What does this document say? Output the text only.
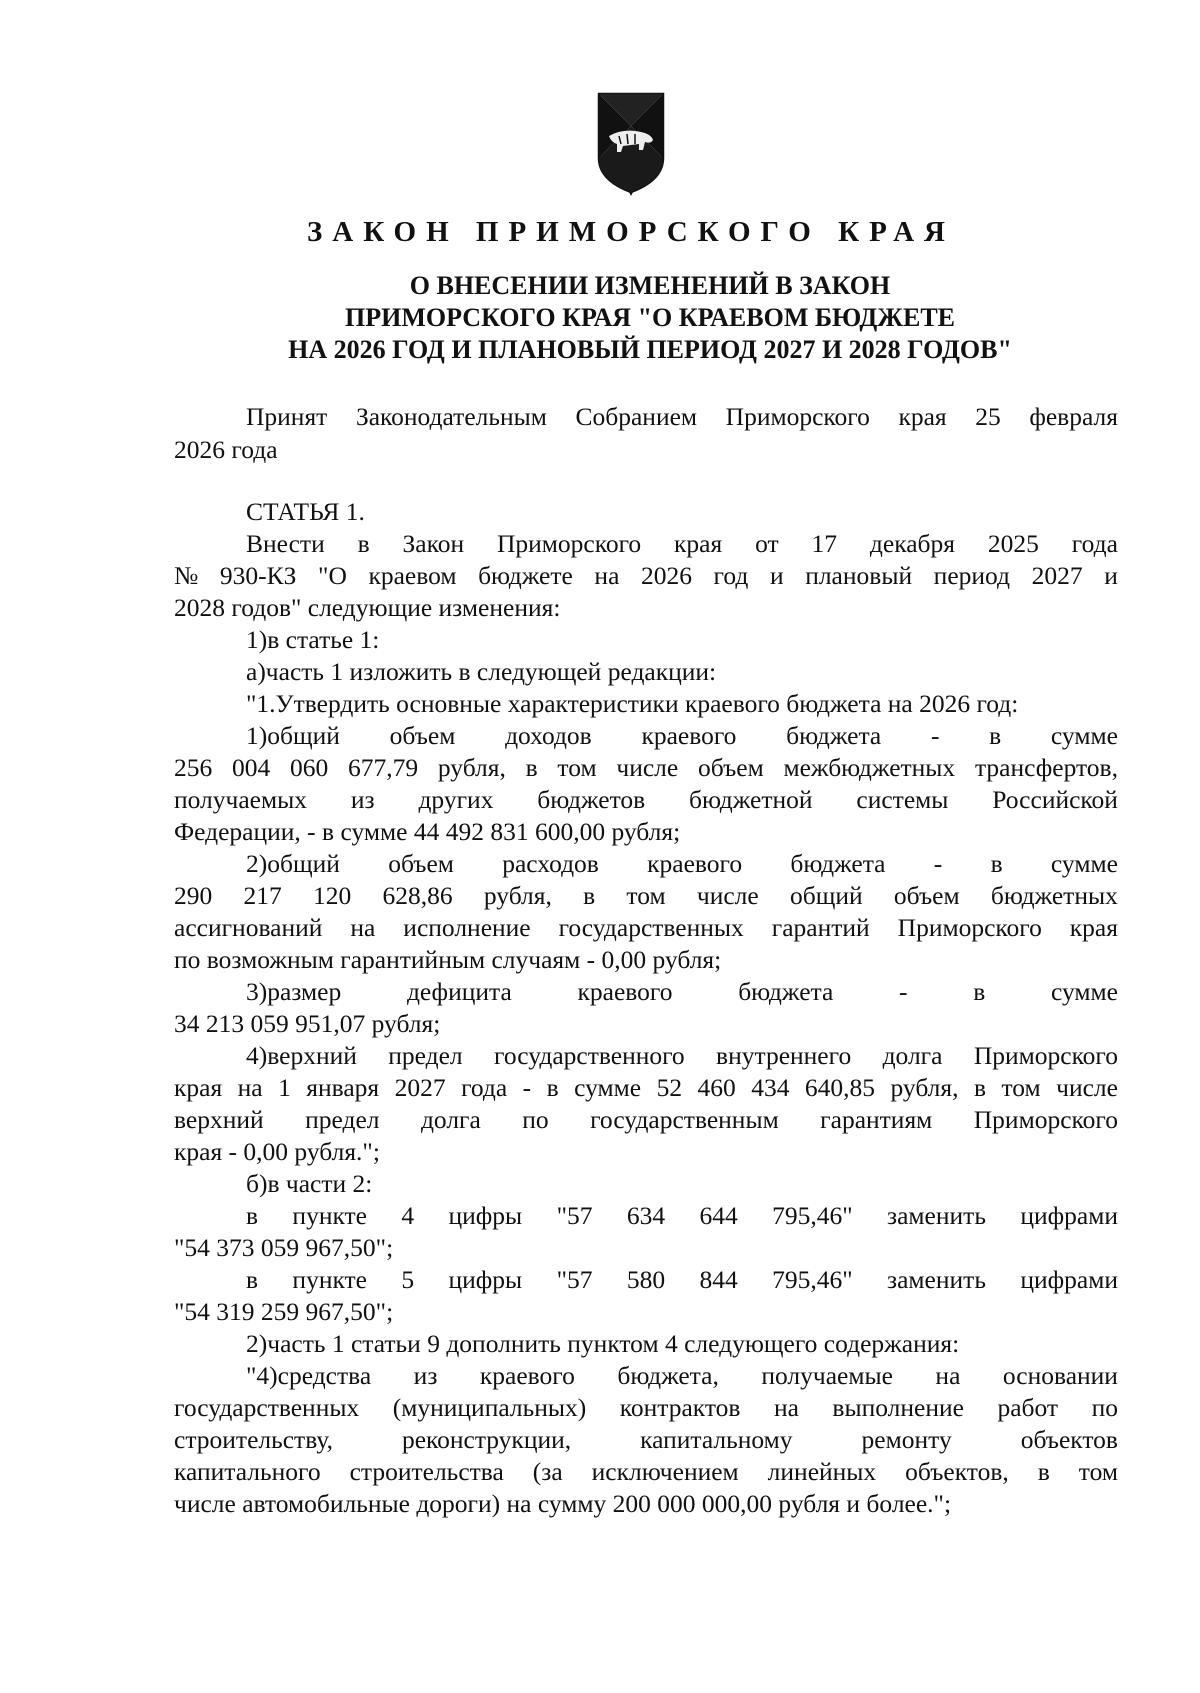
ЗАКОН ПРИМОРСКОГО КРАЯ
О ВНЕСЕНИИ ИЗМЕНЕНИЙ В ЗАКОН
ПРИМОРСКОГО КРАЯ "О КРАЕВОМ БЮДЖЕТЕ
НА 2026 ГОД И ПЛАНОВЫЙ ПЕРИОД 2027 И 2028 ГОДОВ"
Принят Законодательным Собранием Приморского края 25 февраля
2026 года
СТАТЬЯ 1.
Внести в Закон Приморского края от 17 декабря 2025 года
№ 930-КЗ "О краевом бюджете на 2026 год и плановый период 2027 и
2028 годов" следующие изменения:
1)в статье 1:
а)часть 1 изложить в следующей редакции:
"1.Утвердить основные характеристики краевого бюджета на 2026 год:
1)общий объем доходов краевого бюджета - в сумме
256 004 060 677,79 рубля, в том числе объем межбюджетных трансфертов,
получаемых из других бюджетов бюджетной системы Российской
Федерации, - в сумме 44 492 831 600,00 рубля;
2)общий объем расходов краевого бюджета - в сумме
290 217 120 628,86 рубля, в том числе общий объем бюджетных
ассигнований на исполнение государственных гарантий Приморского края
по возможным гарантийным случаям - 0,00 рубля;
3)размер	дефицита	краевого	бюджета	-	в	сумме
34 213 059 951,07 рубля;
4)верхний предел государственного внутреннего долга Приморского
края на 1 января 2027 года - в сумме 52 460 434 640,85 рубля, в том числе
верхний предел долга по государственным гарантиям Приморского
края - 0,00 рубля.";
б)в части 2:
в пункте 4 цифры "57 634 644 795,46" заменить цифрами
"54 373 059 967,50";
в пункте 5 цифры "57 580 844 795,46" заменить цифрами
"54 319 259 967,50";
2)часть 1 статьи 9 дополнить пунктом 4 следующего содержания:
"4)средства из краевого бюджета, получаемые на основании
государственных (муниципальных) контрактов на выполнение работ по
строительству,	реконструкции,	капитальному	ремонту	объектов
капитального строительства (за исключением линейных объектов, в том
числе автомобильные дороги) на сумму 200 000 000,00 рубля и более.";
